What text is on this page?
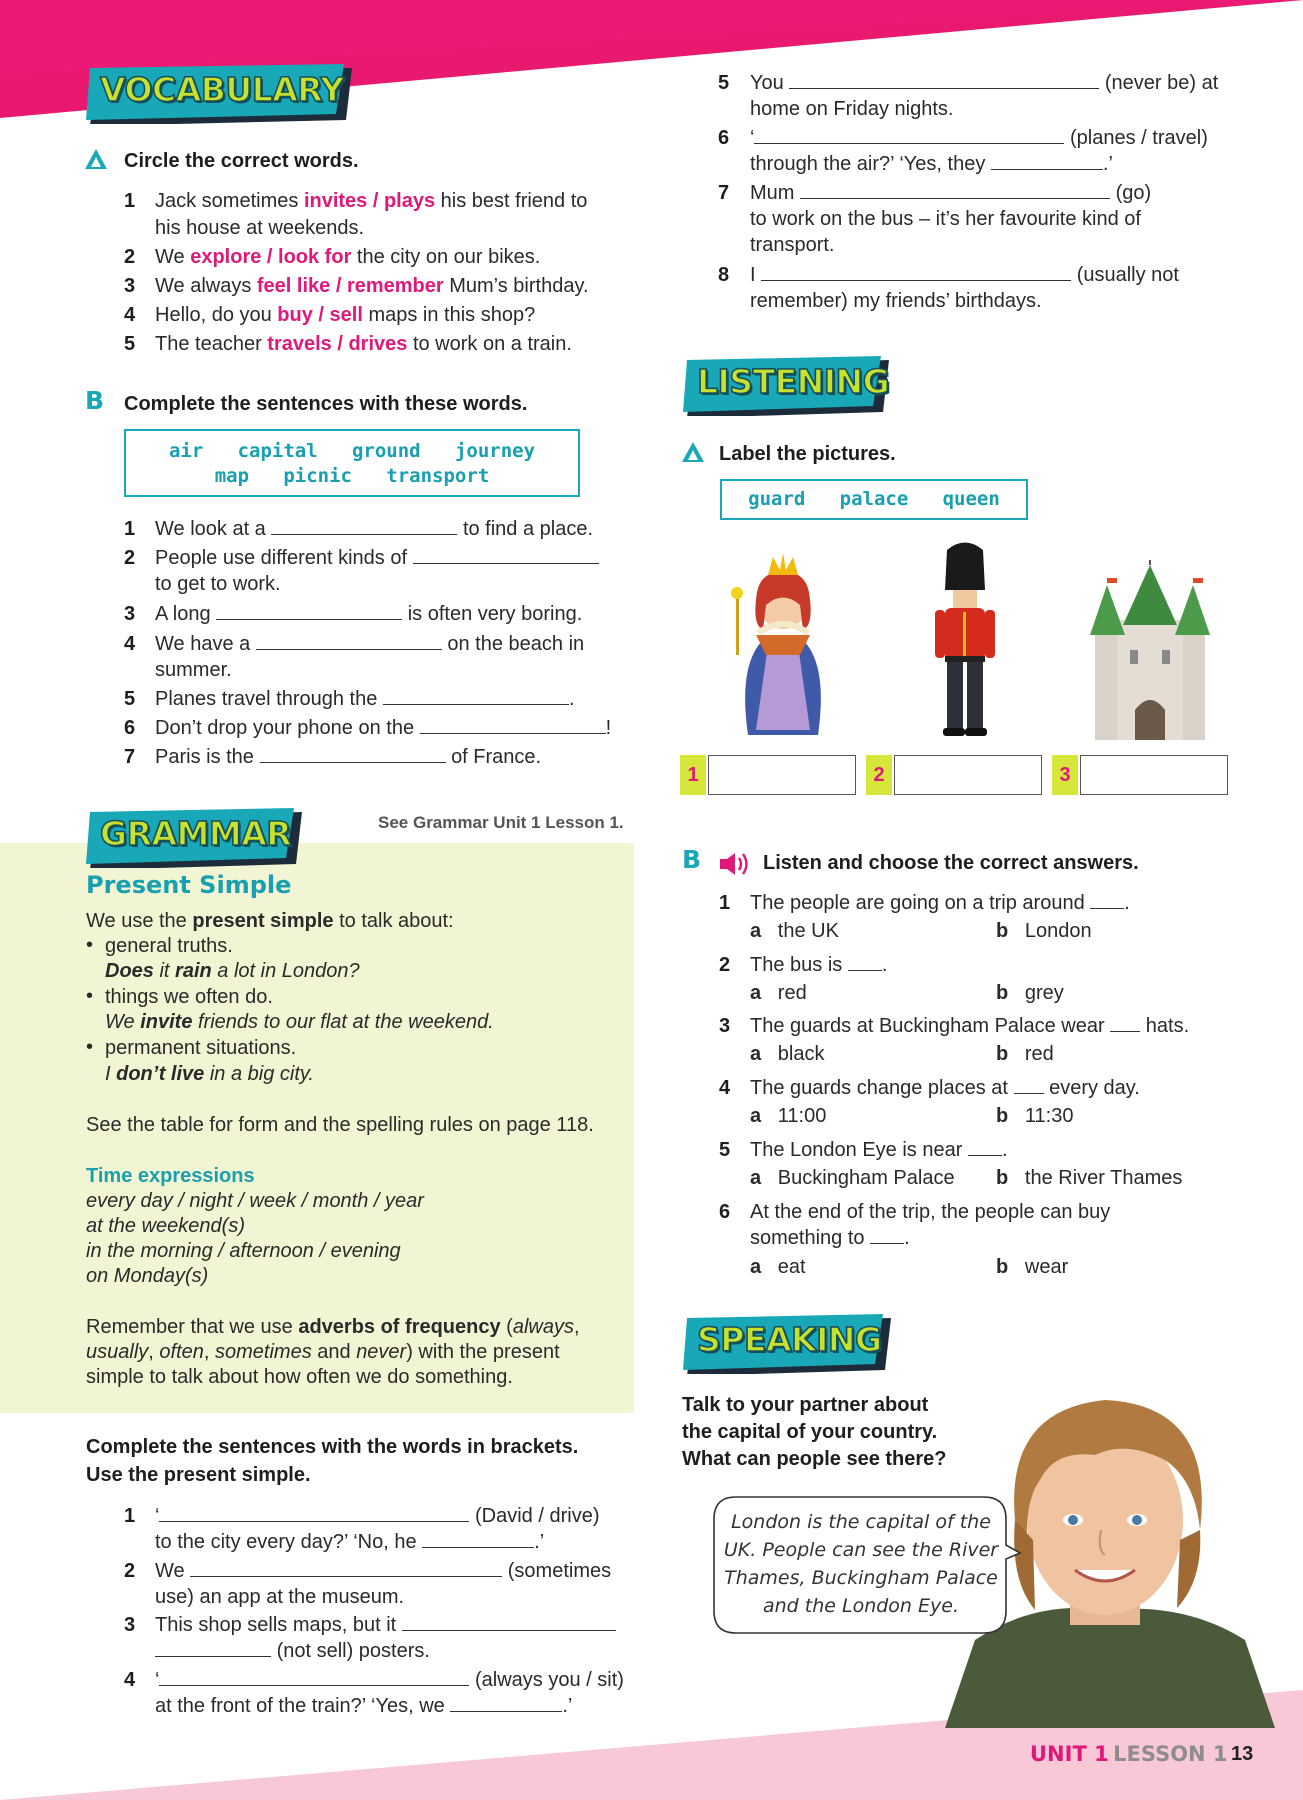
VOCABULARY
Circle the correct words.
1 Jack sometimes invites / plays his best friend to
his house at weekends.
2 We explore / look for the city on our bikes.
3 We always feel like / remember Mum’s birthday.
4 Hello, do you buy / sell maps in this shop?
5 The teacher travels / drives to work on a train.
B Complete the sentences with these words.
air   capital   ground   journey
map   picnic   transport
1 We look at a	to find a place.
2 People use different kinds of
to get to work.
3 A long	is often very boring.
4 We have a	on the beach in
summer.
5 Planes travel through the	.
6 Don’t drop your phone on the	!
7 Paris is the	of France.
GRAMMAR	See Grammar Unit 1 Lesson 1.
Present Simple
We use the present simple to talk about:
• general truths.
Does it rain a lot in London?
• things we often do.
We invite friends to our flat at the weekend.
• permanent situations.
I don’t live in a big city.
See the table for form and the spelling rules on page 118.
Time expressions
every day / night / week / month / year
at the weekend(s)
in the morning / afternoon / evening
on Monday(s)
Remember that we use adverbs of frequency (always,
usually, often, sometimes and never) with the present
simple to talk about how often we do something.
Complete the sentences with the words in brackets.
Use the present simple.
1 ‘	(David / drive)
to the city every day?’ ‘No, he	.’
2 We	(sometimes
use) an app at the museum.
3 This shop sells maps, but it
(not sell) posters.
4 ‘	(always you / sit)
at the front of the train?’ ‘Yes, we	.’
5 You	(never be) at
home on Friday nights.
6 ‘	(planes / travel)
through the air?’ ‘Yes, they	.’
7 Mum	(go)
to work on the bus – it’s her favourite kind of
transport.
8 I	(usually not
remember) my friends’ birthdays.
LISTENING
Label the pictures.
guard   palace   queen
1	2	3
B	Listen and choose the correct answers.
1 The people are going on a trip around .
a the UK	b London
2 The bus is .
a red	b grey
3 The guards at Buckingham Palace wear hats.
a black	b red
4 The guards change places at every day.
a 11:00	b 11:30
5 The London Eye is near .
a Buckingham Palace b the River Thames
6 At the end of the trip, the people can buy
something to .
a eat	b wear
SPEAKING
Talk to your partner about
the capital of your country.
What can people see there?
London is the capital of the
UK. People can see the River
Thames, Buckingham Palace
and the London Eye.
UNIT 1 LESSON 1 13
